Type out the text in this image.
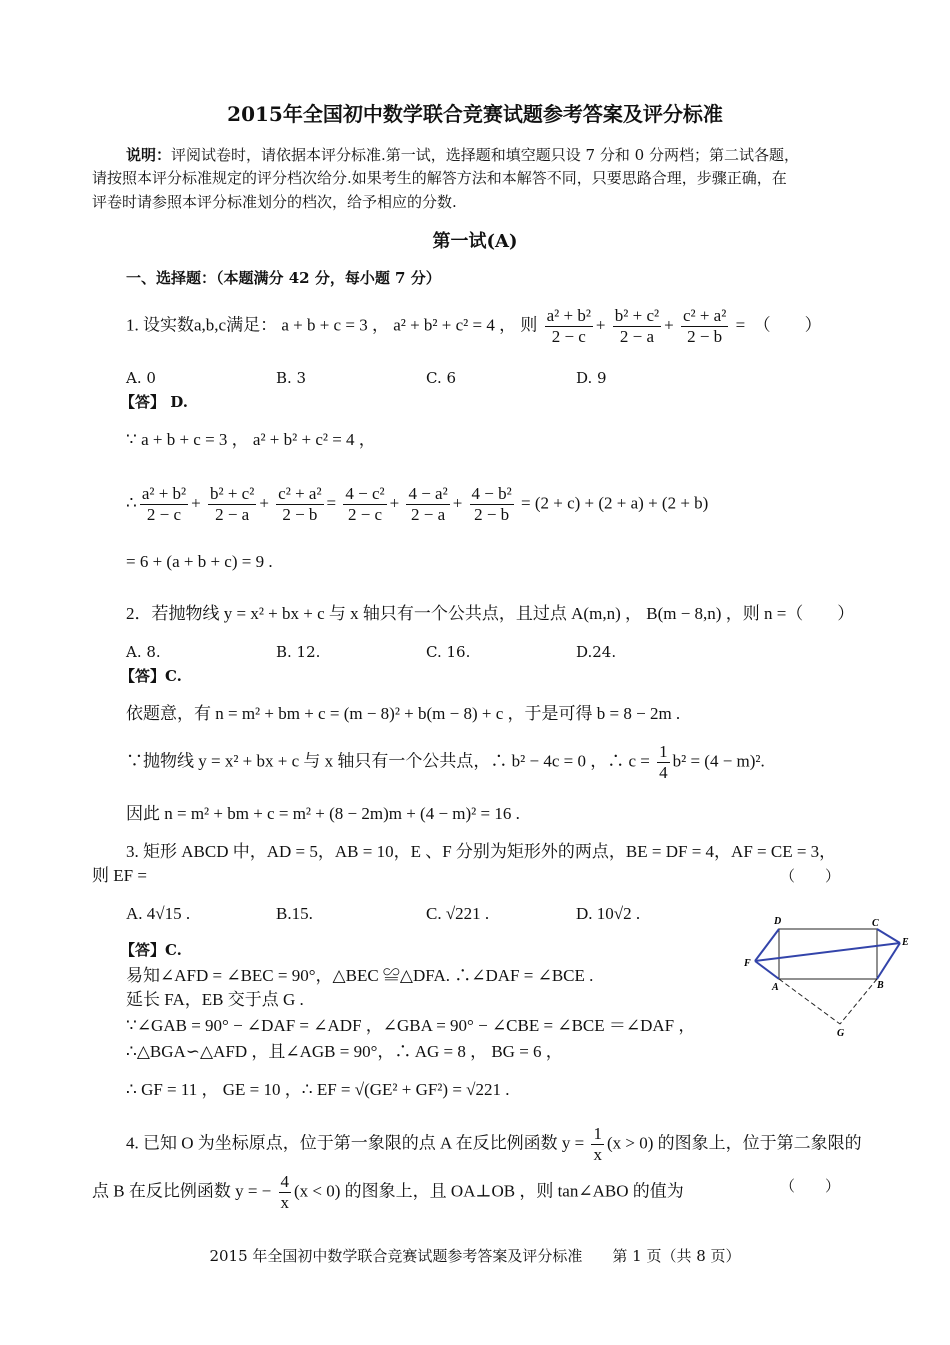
2015年全国初中数学联合竞赛试题参考答案及评分标准
说明：评阅试卷时，请依据本评分标准.第一试，选择题和填空题只设 7 分和 0 分两档；第二试各题，
请按照本评分标准规定的评分档次给分.如果考生的解答方法和本解答不同，只要思路合理，步骤正确，在
评卷时请参照本评分标准划分的档次，给予相应的分数.
第一试(A)
一、选择题：（本题满分 42 分，每小题 7 分）
1. 设实数a,b,c满足： a + b + c = 3 ， a² + b² + c² = 4 ， 则 $\frac{\text{a² + b²}}{2 - c} + \frac{\text{b² + c²}}{2 - a} + \frac{\text{c² + a²}}{2 - b}$ =　（　　）
A. 0	B. 3	C. 6	D. 9
【答】 D.
∵ a + b + c = 3 ， a² + b² + c² = 4 ，
∴ $\frac{\text{a² + b²}}{2 - c} + \frac{\text{b² + c²}}{2 - a} + \frac{\text{c² + a²}}{2 - b} = \frac{\text{4 − c²}}{2 - c} + \frac{\text{4 − a²}}{2 - a} + \frac{\text{4 − b²}}{2 - b} = (2 + c) + (2 + a) + (2 + b)$
= 6 + (a + b + c) = 9 .
2．若抛物线 y = x² + bx + c 与 x 轴只有一个公共点，且过点 A(m,n) ， B(m − 8,n) ，则 n =（　　）
A. 8.	B. 12.	C. 16.	D.24.
【答】C.
依题意，有 n = m² + bm + c = (m − 8)² + b(m − 8) + c ，于是可得 b = 8 − 2m .
∵抛物线 y = x² + bx + c 与 x 轴只有一个公共点，∴ b² − 4c = 0 ，∴ $c = \frac{1}{4} b^2 = (4 - m)^2$.
因此 n = m² + bm + c = m² + (8 − 2m)m + (4 − m)² = 16 .
3. 矩形 ABCD 中，AD = 5，AB = 10，E 、F 分别为矩形外的两点，BE = DF = 4，AF = CE = 3，
则 EF =	（　　）
A. 4√15 .	B.15.	C. √221 .	D. 10√2 .
【答】C.
易知∠AFD = ∠BEC = 90°，△BEC ≌△DFA. ∴∠DAF = ∠BCE .
延长 FA，EB 交于点 G .
∵∠GAB = 90° − ∠DAF = ∠ADF ，∠GBA = 90° − ∠CBE = ∠BCE ＝∠DAF ，
∴△BGA∽△AFD ，且∠AGB = 90°，∴ AG = 8 ， BG = 6 ，
∴ GF = 11 ， GE = 10 ，∴ EF = √(GE² + GF²) = √221 .
D	C
E
F
A	B
G
4. 已知 O 为坐标原点，位于第一象限的点 A 在反比例函数 $y = \frac{1}{x} (x > 0)$ 的图象上，位于第二象限的
点 B 在反比例函数 y = − $\frac{4}{x} (x < 0)$ 的图象上，且 OA⊥OB ，则 tan∠ABO 的值为	（　　）
2015 年全国初中数学联合竞赛试题参考答案及评分标准　　第 1 页（共 8 页）
